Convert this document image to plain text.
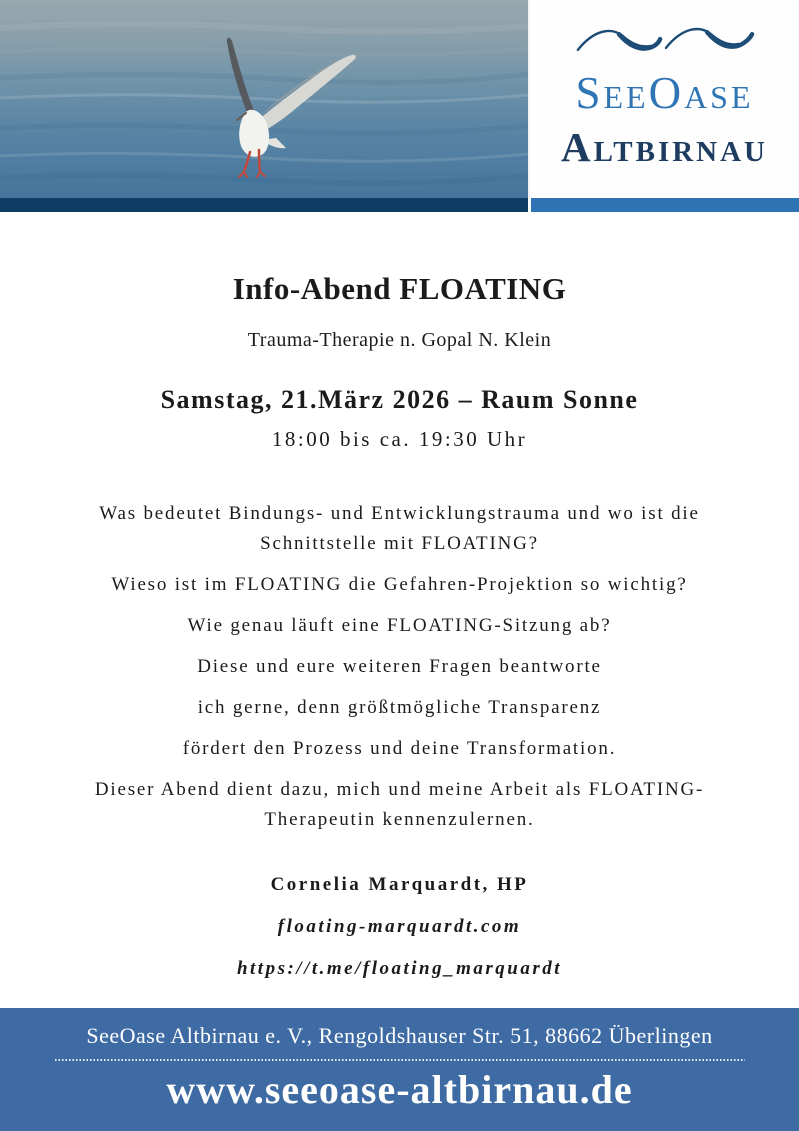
SeeOase
Altbirnau
Info-Abend FLOATING

Trauma-Therapie n. Gopal N. Klein

Samstag, 21.März 2026 – Raum Sonne

18:00 bis ca. 19:30 Uhr

Was bedeutet Bindungs- und Entwicklungstrauma und wo ist die Schnittstelle mit FLOATING?

Wieso ist im FLOATING die Gefahren-Projektion so wichtig?

Wie genau läuft eine FLOATING-Sitzung ab?

Diese und eure weiteren Fragen beantworte

ich gerne, denn größtmögliche Transparenz

fördert den Prozess und deine Transformation.

Dieser Abend dient dazu, mich und meine Arbeit als FLOATING-Therapeutin kennenzulernen.

Cornelia Marquardt, HP

floating-marquardt.com

https://t.me/floating_marquardt

SeeOase Altbirnau e. V., Rengoldshauser Str. 51, 88662 Überlingen

www.seeoase-altbirnau.de
